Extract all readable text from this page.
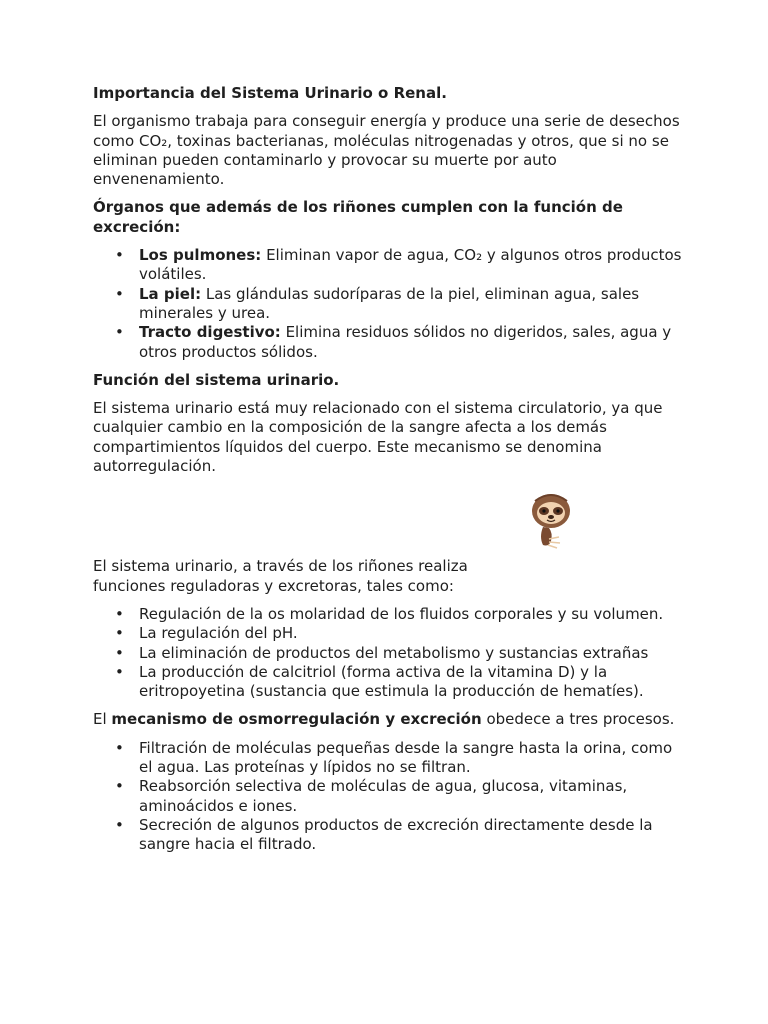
Importancia del Sistema Urinario o Renal.

El organismo trabaja para conseguir energía y produce una serie de desechos como CO₂, toxinas bacterianas, moléculas nitrogenadas y otros, que si no se eliminan pueden contaminarlo y provocar su muerte por auto envenenamiento.

Órganos que además de los riñones cumplen con la función de excreción:

• Los pulmones: Eliminan vapor de agua, CO₂ y algunos otros productos volátiles.
• La piel: Las glándulas sudoríparas de la piel, eliminan agua, sales minerales y urea.
• Tracto digestivo: Elimina residuos sólidos no digeridos, sales, agua y otros productos sólidos.

Función del sistema urinario.

El sistema urinario está muy relacionado con el sistema circulatorio, ya que cualquier cambio en la composición de la sangre afecta a los demás compartimientos líquidos del cuerpo. Este mecanismo se denomina autorregulación.

El sistema urinario, a través de los riñones realiza funciones reguladoras y excretoras, tales como:

• Regulación de la os molaridad de los fluidos corporales y su volumen.
• La regulación del pH.
• La eliminación de productos del metabolismo y sustancias extrañas
• La producción de calcitriol (forma activa de la vitamina D) y la eritropoyetina (sustancia que estimula la producción de hematíes).

El mecanismo de osmorregulación y excreción obedece a tres procesos.

• Filtración de moléculas pequeñas desde la sangre hasta la orina, como el agua. Las proteínas y lípidos no se filtran.
• Reabsorción selectiva de moléculas de agua, glucosa, vitaminas, aminoácidos e iones.
• Secreción de algunos productos de excreción directamente desde la sangre hacia el filtrado.
